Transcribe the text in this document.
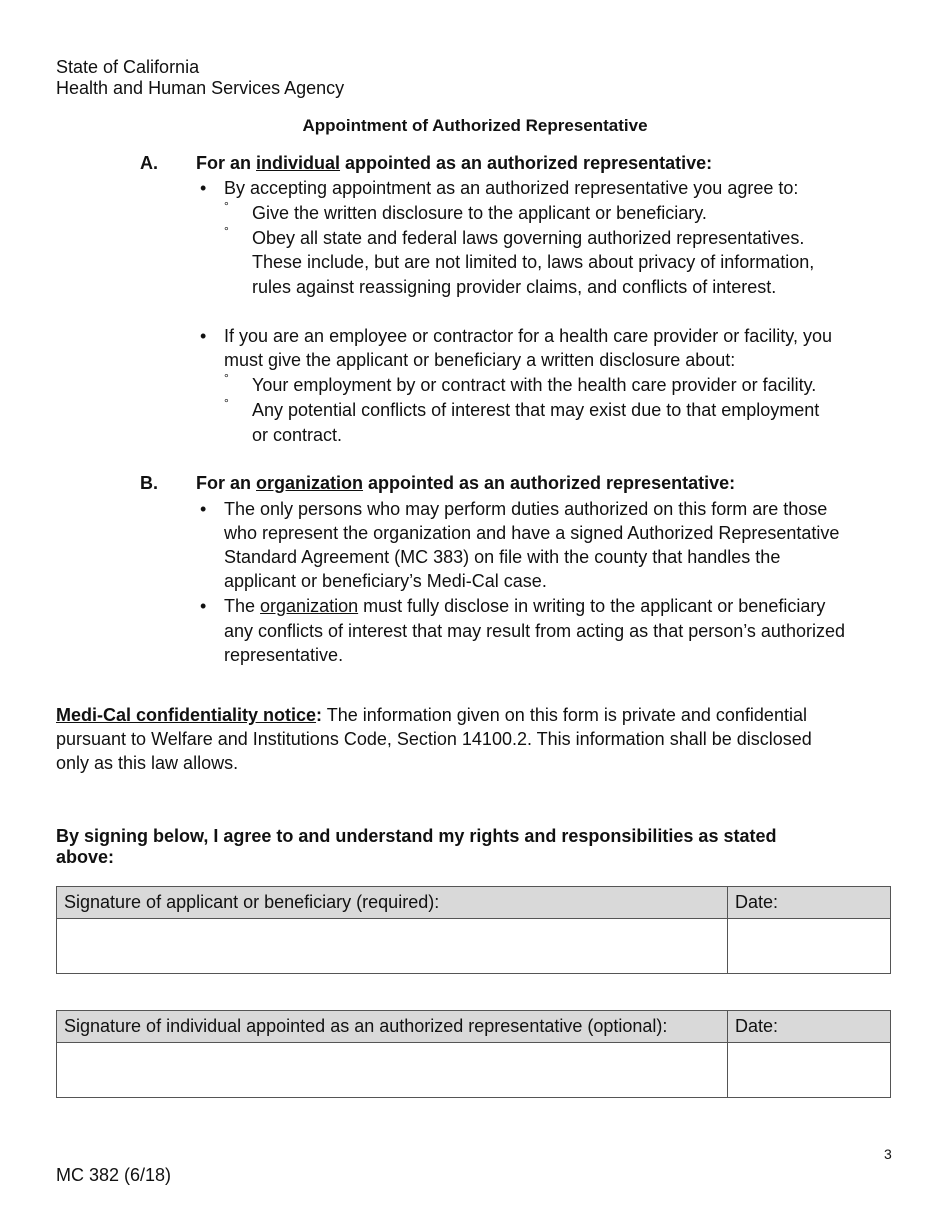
State of California
Health and Human Services Agency
Appointment of Authorized Representative
A. For an individual appointed as an authorized representative:
• By accepting appointment as an authorized representative you agree to:
° Give the written disclosure to the applicant or beneficiary.
° Obey all state and federal laws governing authorized representatives.
These include, but are not limited to, laws about privacy of information,
rules against reassigning provider claims, and conflicts of interest.
• If you are an employee or contractor for a health care provider or facility, you
must give the applicant or beneficiary a written disclosure about:
° Your employment by or contract with the health care provider or facility.
° Any potential conflicts of interest that may exist due to that employment
or contract.
B. For an organization appointed as an authorized representative:
• The only persons who may perform duties authorized on this form are those
who represent the organization and have a signed Authorized Representative
Standard Agreement (MC 383) on file with the county that handles the
applicant or beneficiary’s Medi-Cal case.
• The organization must fully disclose in writing to the applicant or beneficiary
any conflicts of interest that may result from acting as that person’s authorized
representative.
Medi-Cal confidentiality notice: The information given on this form is private and confidential
pursuant to Welfare and Institutions Code, Section 14100.2. This information shall be disclosed
only as this law allows.
By signing below, I agree to and understand my rights and responsibilities as stated
above:
Signature of applicant or beneficiary (required):	Date:

Signature of individual appointed as an authorized representative (optional):	Date:

3
MC 382 (6/18)
